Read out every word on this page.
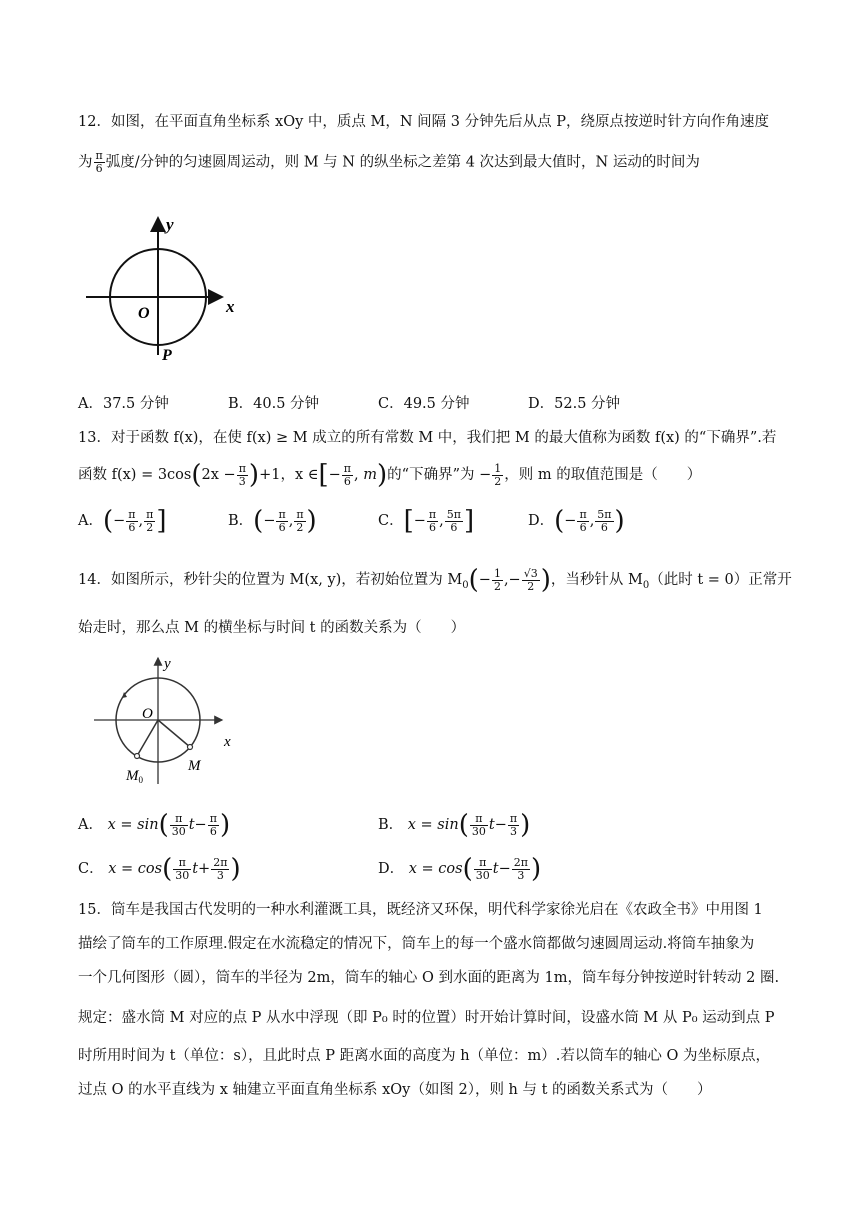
12．如图，在平面直角坐标系 xOy 中，质点 M，N 间隔 3 分钟先后从点 P，绕原点按逆时针方向作角速度
为 $\frac{\pi}{6}$ 弧度/分钟的匀速圆周运动，则 M 与 N 的纵坐标之差第 4 次达到最大值时，N 运动的时间为
x
y
O
P
A．37.5 分钟	B．40.5 分钟	C．49.5 分钟	D．52.5 分钟
13．对于函数 f(x)，在使 f(x) ≥ M 成立的所有常数 M 中，我们把 M 的最大值称为函数 f(x) 的“下确界”.若
函数 $f(x) = 3\cos(2x - \frac{\pi}{3} )+1$，x ∈[− $\frac{\pi}{6}$ , m)的“下确界”为 − $\frac{1}{2}$ ，则 m 的取值范围是（　　）
A．(− $\frac{\pi}{6}$ , $\frac{\pi}{2}$ ]	B．(− $\frac{\pi}{6}$ , $\frac{\pi}{2}$ )	C．[− $\frac{\pi}{6}$ , $\frac{5\pi}{6}$ ]	D．(− $\frac{\pi}{6}$ , $\frac{5\pi}{6}$ )
14．如图所示，秒针尖的位置为 M(x, y)，若初始位置为 $M_0(- \frac{1}{2}$ ,− $\frac{√3}{2}$ )，当秒针从 $M_0$（此时 t = 0）正常开
始走时，那么点 M 的横坐标与时间 t 的函数关系为（　　）
x
y
O
M
$M_0$
A． $x = \sin( \frac{\pi}{30} t- \frac{\pi}{6}$ )	B． $x = \sin( \frac{\pi}{30} t- \frac{\pi}{3}$ )
C． $x = \cos( \frac{\pi}{30} t+ \frac{2\pi}{3}$ )	D． $x = \cos( \frac{\pi}{30} t- \frac{2\pi}{3}$ )
15．筒车是我国古代发明的一种水利灌溉工具，既经济又环保，明代科学家徐光启在《农政全书》中用图 1
描绘了筒车的工作原理.假定在水流稳定的情况下，筒车上的每一个盛水筒都做匀速圆周运动.将筒车抽象为
一个几何图形（圆），筒车的半径为 2m，筒车的轴心 O 到水面的距离为 1m，筒车每分钟按逆时针转动 2 圈.
规定：盛水筒 M 对应的点 P 从水中浮现（即 P₀ 时的位置）时开始计算时间，设盛水筒 M 从 P₀ 运动到点 P
时所用时间为 t（单位：s），且此时点 P 距离水面的高度为 h（单位：m）.若以筒车的轴心 O 为坐标原点，
过点 O 的水平直线为 x 轴建立平面直角坐标系 xOy（如图 2），则 h 与 t 的函数关系式为（　　）
